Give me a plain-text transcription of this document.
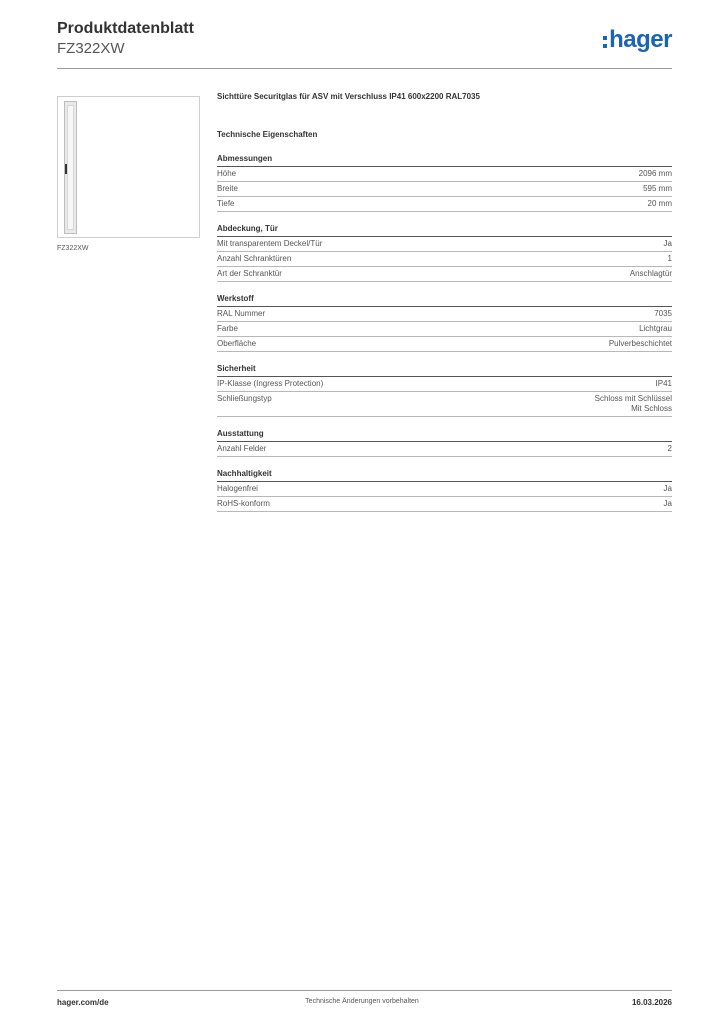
Produktdatenblatt
FZ322XW	hager
FZ322XW
Sichttüre Securitglas für ASV mit Verschluss IP41 600x2200 RAL7035
Technische Eigenschaften
Abmessungen
Höhe	2096 mm
Breite	595 mm
Tiefe	20 mm
Abdeckung, Tür
Mit transparentem Deckel/Tür	Ja
Anzahl Schranktüren	1
Art der Schranktür	Anschlagtür
Werkstoff
RAL Nummer	7035
Farbe	Lichtgrau
Oberfläche	Pulverbeschichtet
Sicherheit
IP-Klasse (Ingress Protection)	IP41
Schließungstyp	Schloss mit Schlüssel
Mit Schloss
Ausstattung
Anzahl Felder	2
Nachhaltigkeit
Halogenfrei	Ja
RoHS-konform	Ja
hager.com/de	Technische Änderungen vorbehalten	16.03.2026
